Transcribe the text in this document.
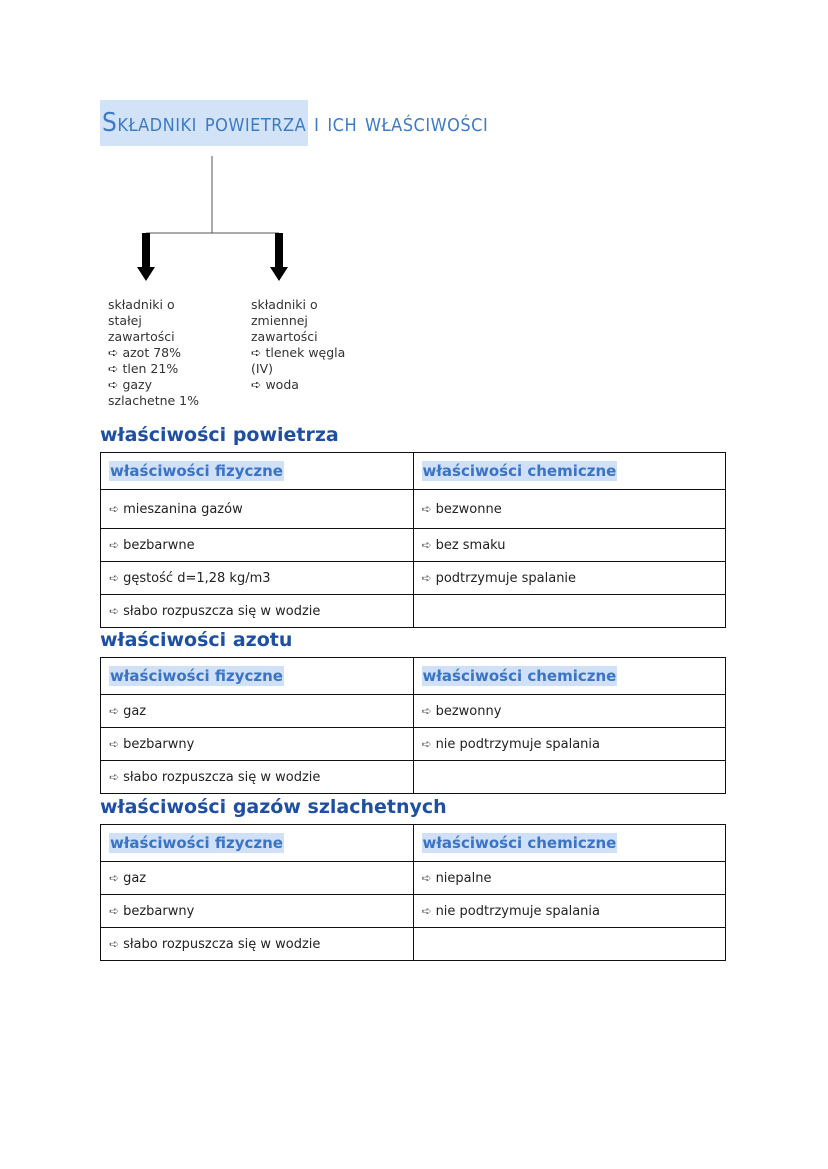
Składniki powietrza i ich właściwości
składniki o
stałej
zawartości
➪ azot 78%
➪ tlen 21%
➪ gazy
szlachetne 1%
składniki o
zmiennej
zawartości
➪ tlenek węgla
(IV)
➪ woda
właściwości powietrza
właściwości fizyczne	właściwości chemiczne
➪ mieszanina gazów	➪ bezwonne
➪ bezbarwne	➪ bez smaku
➪ gęstość d=1,28 kg/m3	➪ podtrzymuje spalanie
➪ słabo rozpuszcza się w wodzie	
właściwości azotu
właściwości fizyczne	właściwości chemiczne
➪ gaz	➪ bezwonny
➪ bezbarwny	➪ nie podtrzymuje spalania
➪ słabo rozpuszcza się w wodzie	
właściwości gazów szlachetnych
właściwości fizyczne	właściwości chemiczne
➪ gaz	➪ niepalne
➪ bezbarwny	➪ nie podtrzymuje spalania
➪ słabo rozpuszcza się w wodzie	
